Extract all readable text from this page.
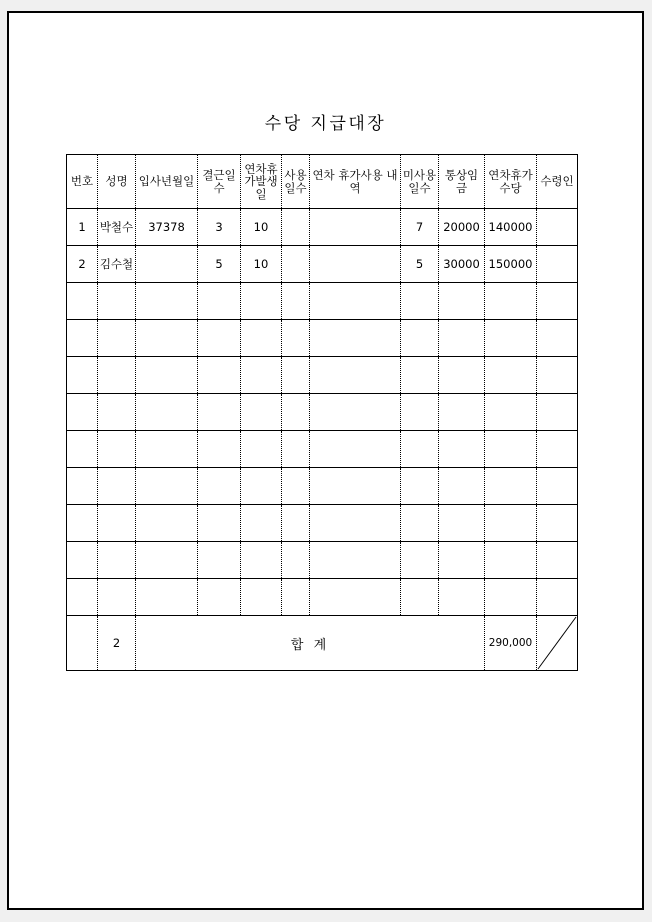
수당 지급대장
번호	성명	입사년월일	결근일수	연차휴가발생일	사용일수	연차 휴가사용 내역	미사용일수	통상임금	연차휴가수당	수령인

1	박철수	37378	3	10			7	20000	140000	
2	김수철		5	10			5	30000	150000	

	2	합 계							290,000	
